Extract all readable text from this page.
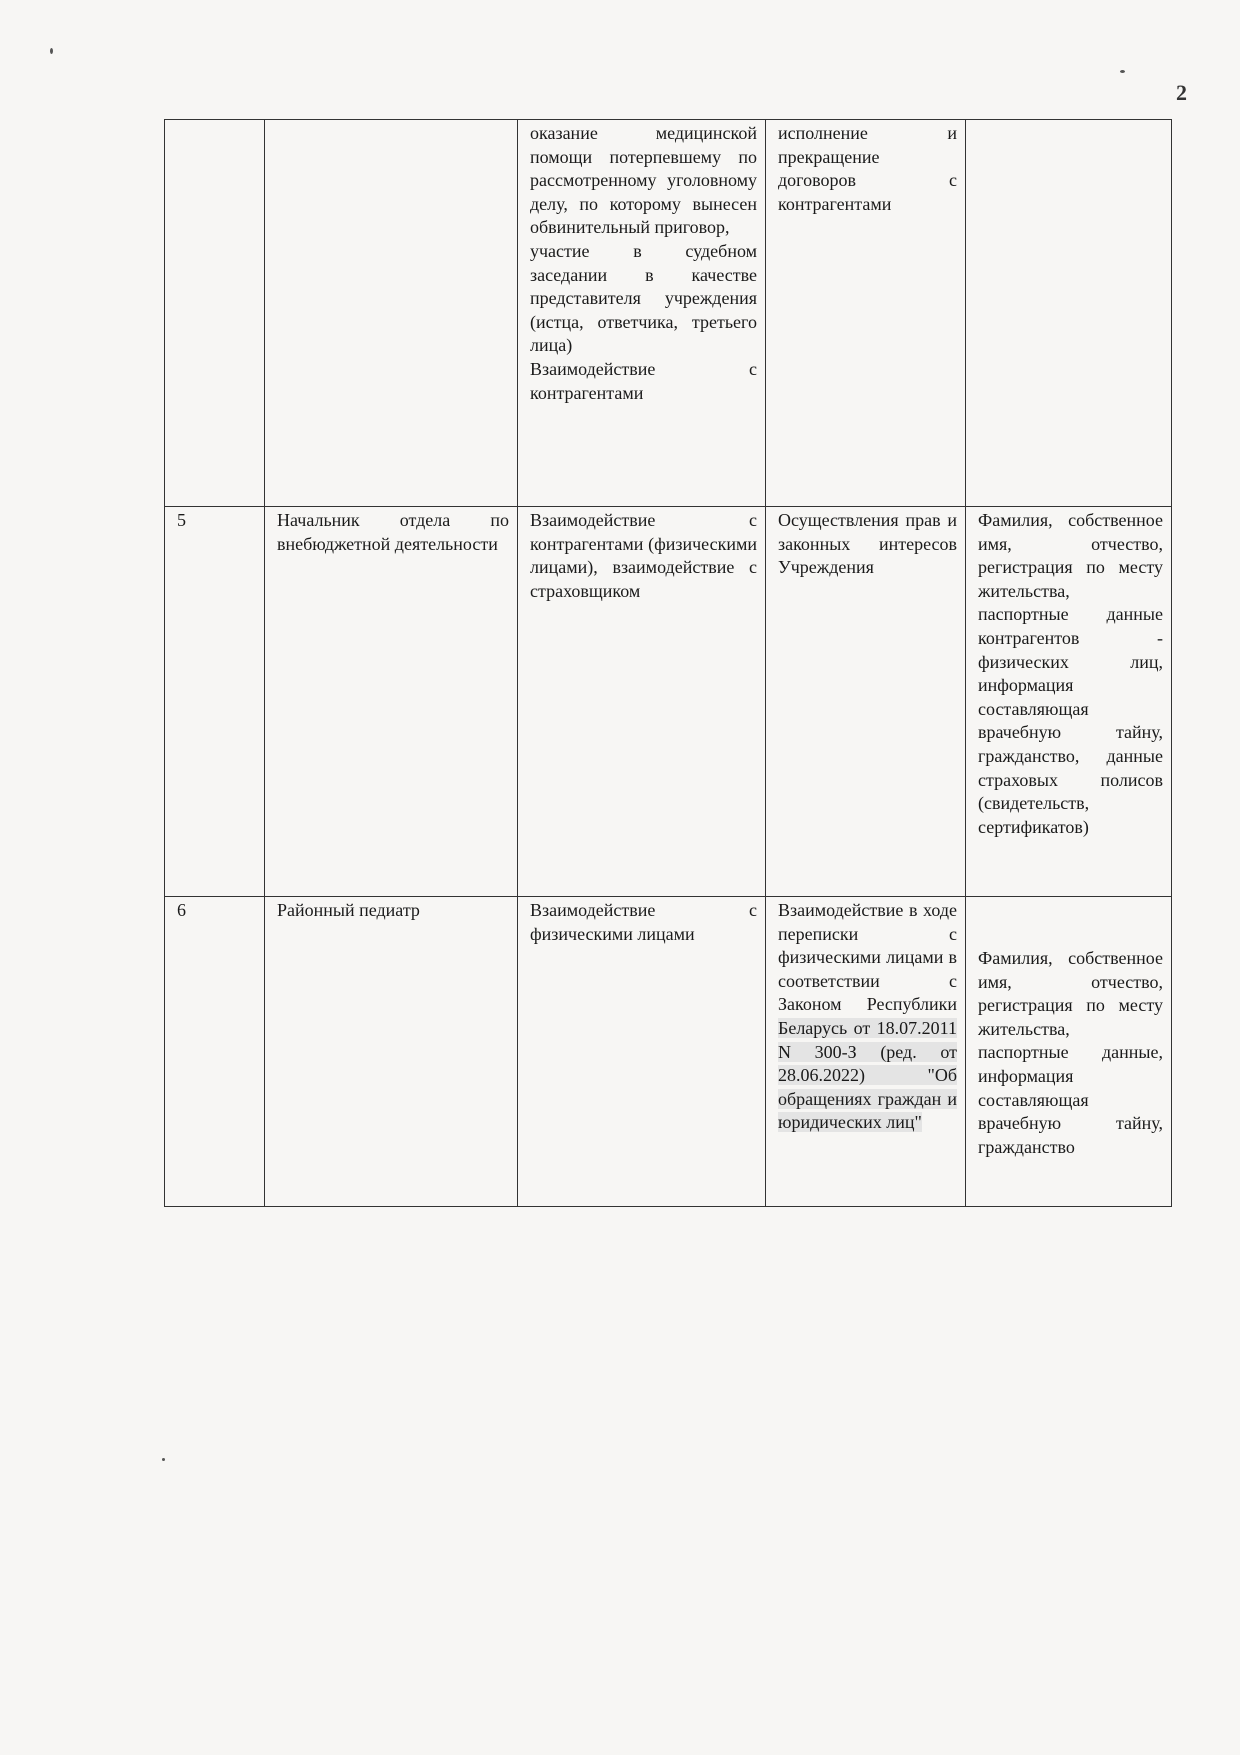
2

		оказание медицинской помощи потерпевшему по рассмотренному уголовному делу, по которому вынесен обвинительный приговор,
участие в судебном заседании в качестве представителя учреждения (истца, ответчика, третьего лица)
Взаимодействие с контрагентами	исполнение и прекращение договоров с контрагентами	
5	Начальник отдела по внебюджетной деятельности	Взаимодействие с контрагентами (физическими лицами), взаимодействие с страховщиком	Осуществления прав и законных интересов Учреждения	Фамилия, собственное имя, отчество, регистрация по месту жительства, паспортные данные контрагентов - физических лиц, информация составляющая врачебную тайну, гражданство, данные страховых полисов (свидетельств, сертификатов)
6	Районный педиатр	Взаимодействие с физическими лицами	Взаимодействие в ходе переписки с физическими лицами в соответствии с Законом Республики Беларусь от 18.07.2011 N 300-З (ред. от 28.06.2022) "Об обращениях граждан и юридических лиц"	Фамилия, собственное имя, отчество, регистрация по месту жительства, паспортные данные, информация составляющая врачебную тайну, гражданство
